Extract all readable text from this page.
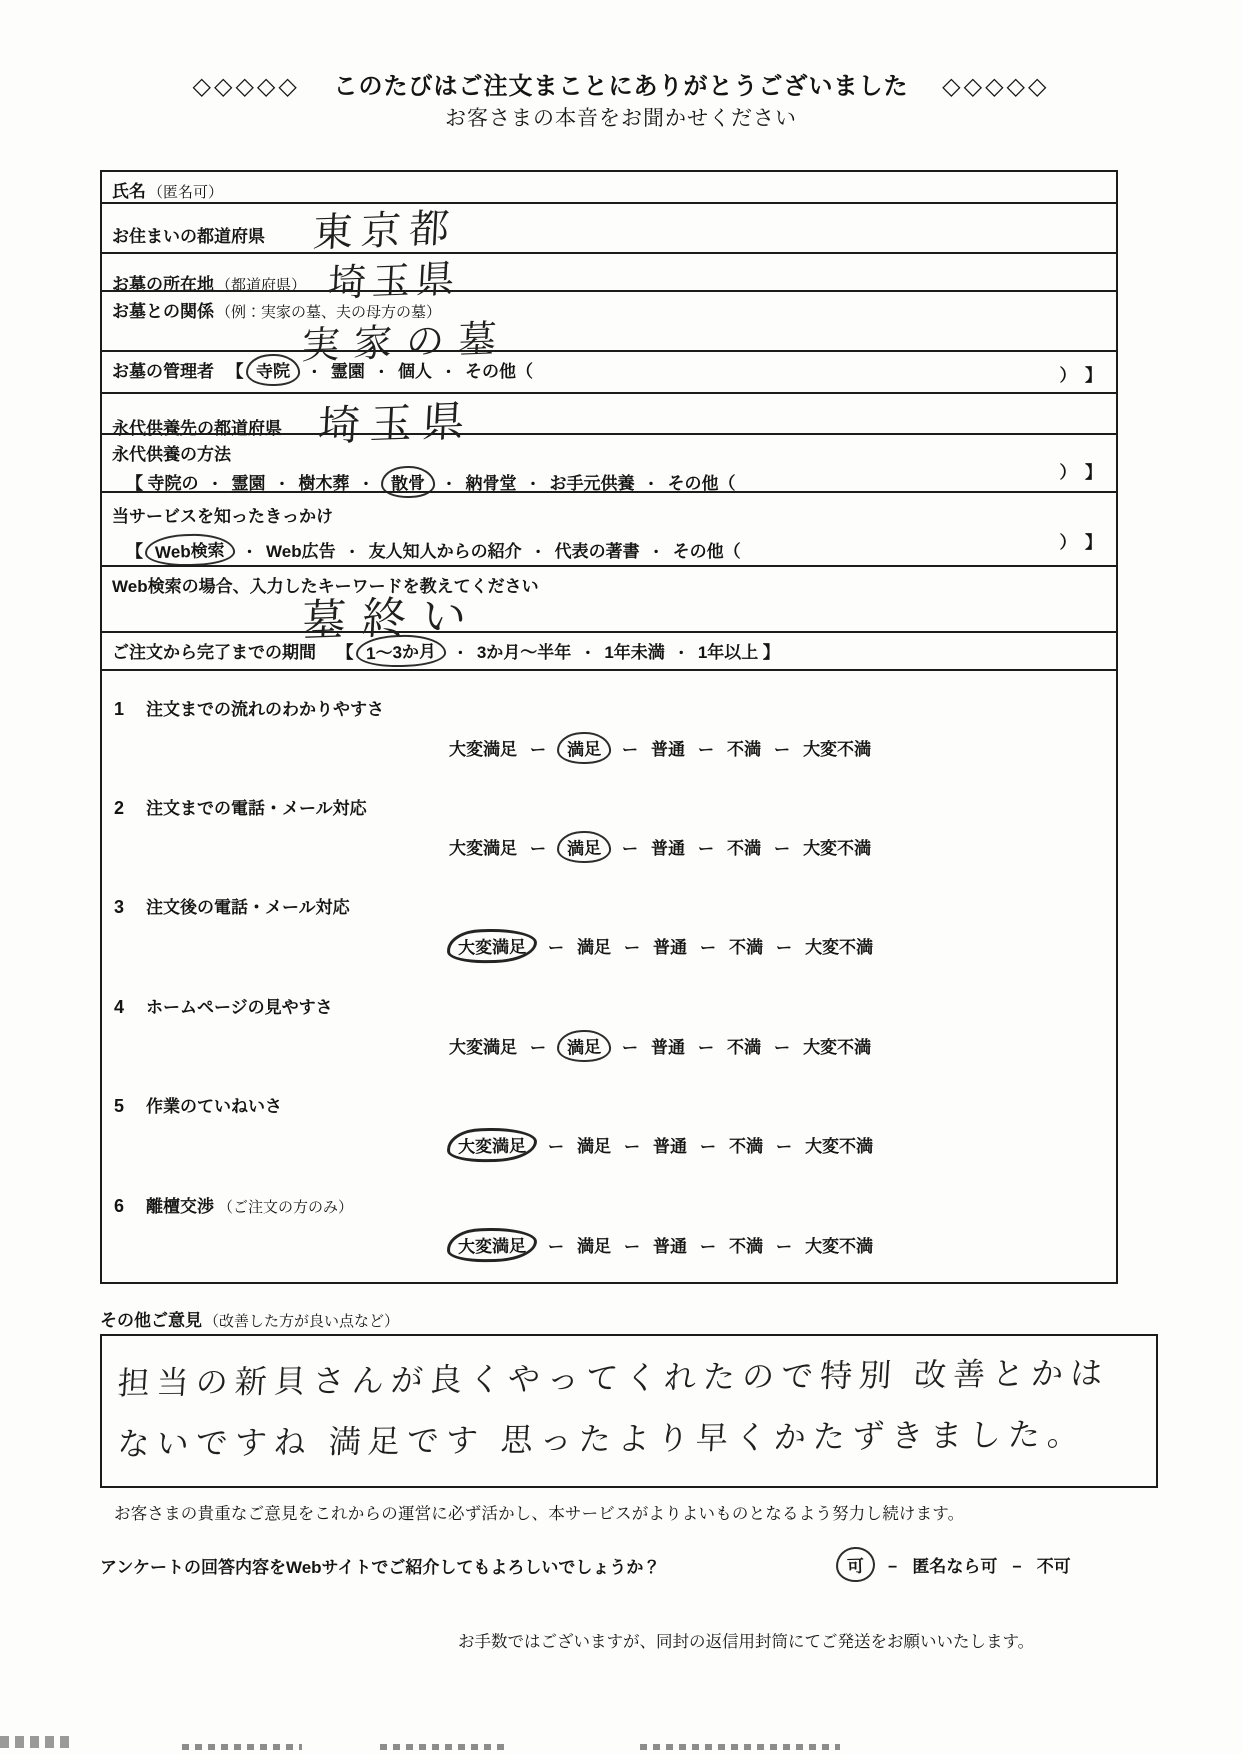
◇◇◇◇◇ このたびはご注文まことにありがとうございました ◇◇◇◇◇
お客さまの本音をお聞かせください
氏名 （匿名可）
お住まいの都道府県 東京都
お墓の所在地 （都道府県） 埼玉県
お墓との関係 （例：実家の墓、夫の母方の墓）
実家の墓
お墓の管理者 【 寺院 ・ 霊園 ・ 個人 ・ その他（	）　】
永代供養先の都道府県 埼玉県
永代供養の方法
【 寺院の ・ 霊園 ・ 樹木葬 ・ 散骨 ・ 納骨堂 ・ お手元供養 ・ その他（
）　】
当サービスを知ったきっかけ
【 Web検索 ・ Web広告 ・ 友人知人からの紹介 ・ 代表の著書 ・ その他（	）　】
Web検索の場合、入力したキーワードを教えてください
墓終い
ご注文から完了までの期間 【 1～3か月 ・ 3か月～半年 ・ 1年未満 ・ 1年以上 】
1 注文までの流れのわかりやすさ
大変満足 ー 満足 ー 普通 ー 不満 ー 大変不満
2 注文までの電話・メール対応
大変満足 ー 満足 ー 普通 ー 不満 ー 大変不満
3 注文後の電話・メール対応
大変満足 ー 満足 ー 普通 ー 不満 ー 大変不満
4 ホームページの見やすさ
大変満足 ー 満足 ー 普通 ー 不満 ー 大変不満
5 作業のていねいさ
大変満足 ー 満足 ー 普通 ー 不満 ー 大変不満
6 離檀交渉 （ご注文の方のみ）
大変満足 ー 満足 ー 普通 ー 不満 ー 大変不満
その他ご意見 （改善した方が良い点など）
担当の新貝さんが良くやってくれたので特別 改善とかは ないですね 満足です 思ったより早くかたずきました。
お客さまの貴重なご意見をこれからの運営に必ず活かし、本サービスがよりよいものとなるよう努力し続けます。
アンケートの回答内容をWebサイトでご紹介してもよろしいでしょうか？	可 − 匿名なら可 − 不可
お手数ではございますが、同封の返信用封筒にてご発送をお願いいたします。
